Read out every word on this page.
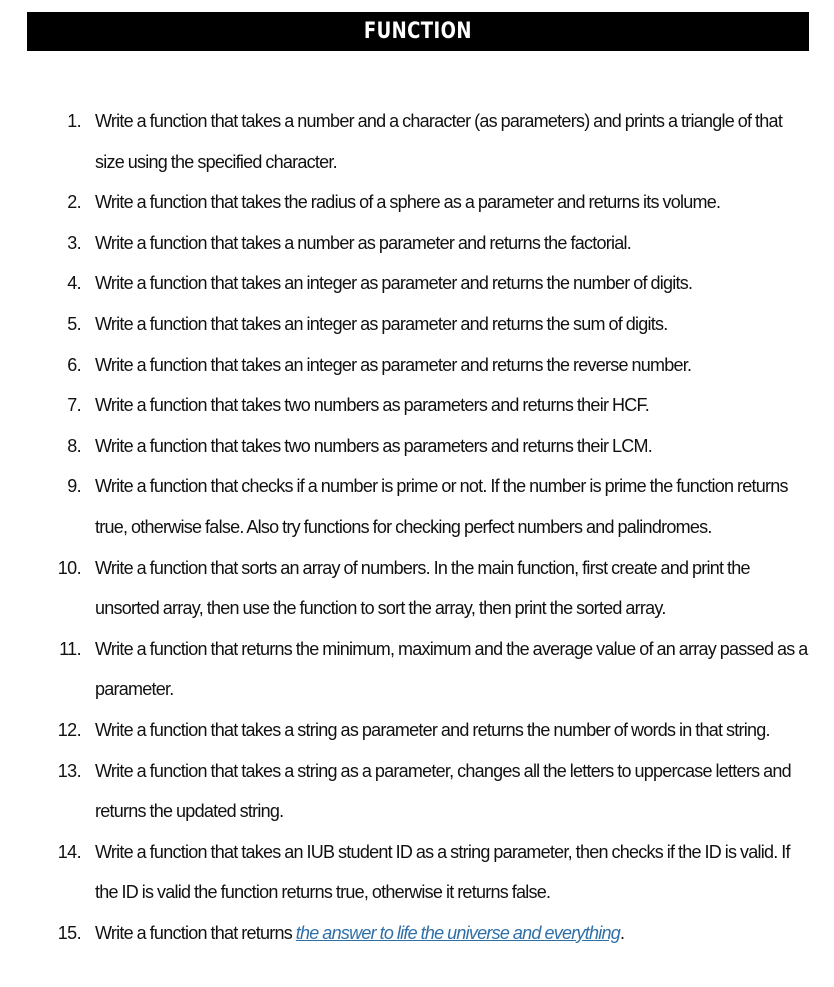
FUNCTION
1. Write a function that takes a number and a character (as parameters) and prints a triangle of that size using the specified character.
2. Write a function that takes the radius of a sphere as a parameter and returns its volume.
3. Write a function that takes a number as parameter and returns the factorial.
4. Write a function that takes an integer as parameter and returns the number of digits.
5. Write a function that takes an integer as parameter and returns the sum of digits.
6. Write a function that takes an integer as parameter and returns the reverse number.
7. Write a function that takes two numbers as parameters and returns their HCF.
8. Write a function that takes two numbers as parameters and returns their LCM.
9. Write a function that checks if a number is prime or not. If the number is prime the function returns true, otherwise false. Also try functions for checking perfect numbers and palindromes.
10. Write a function that sorts an array of numbers. In the main function, first create and print the unsorted array, then use the function to sort the array, then print the sorted array.
11. Write a function that returns the minimum, maximum and the average value of an array passed as a parameter.
12. Write a function that takes a string as parameter and returns the number of words in that string.
13. Write a function that takes a string as a parameter, changes all the letters to uppercase letters and returns the updated string.
14. Write a function that takes an IUB student ID as a string parameter, then checks if the ID is valid. If the ID is valid the function returns true, otherwise it returns false.
15. Write a function that returns the answer to life the universe and everything.
